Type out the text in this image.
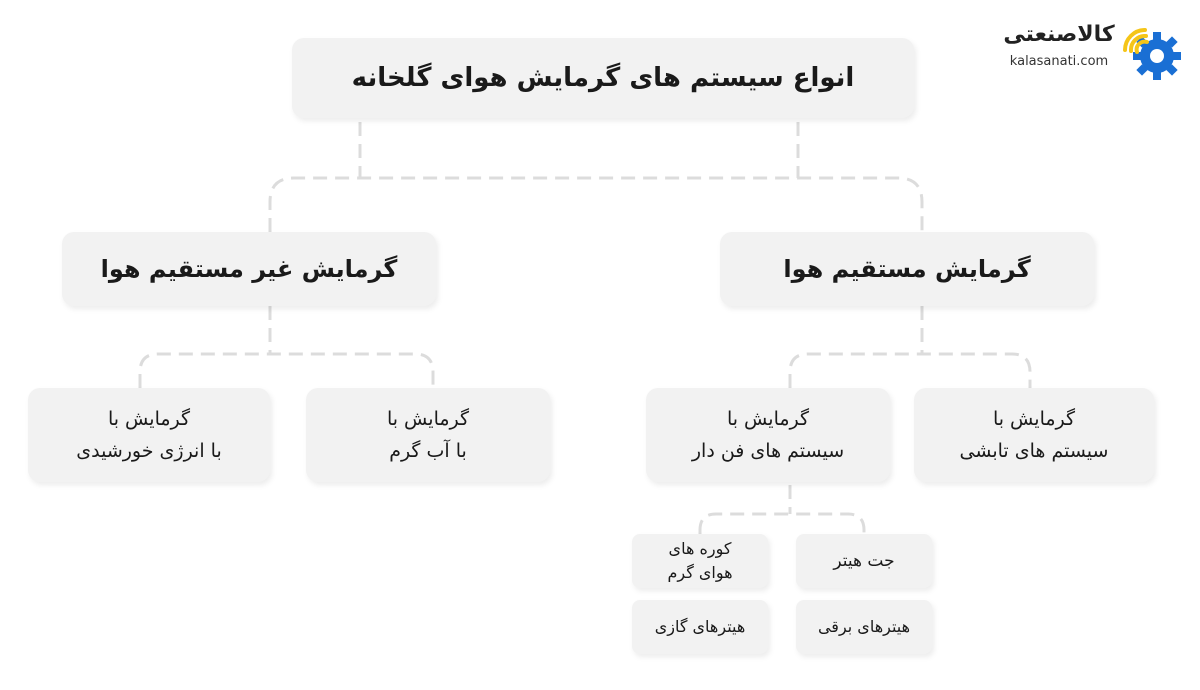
کالاصنعتی
kalasanati.com
انواع سیستم های گرمایش هوای گلخانه
گرمایش غیر مستقیم هوا	گرمایش مستقیم هوا
گرمایش با
با انرژی خورشیدی
گرمایش با
با آب گرم
گرمایش با
سیستم های فن دار
گرمایش با
سیستم های تابشی
کوره های
هوای گرم
جت هیتر
هیترهای گازی	هیترهای برقی
